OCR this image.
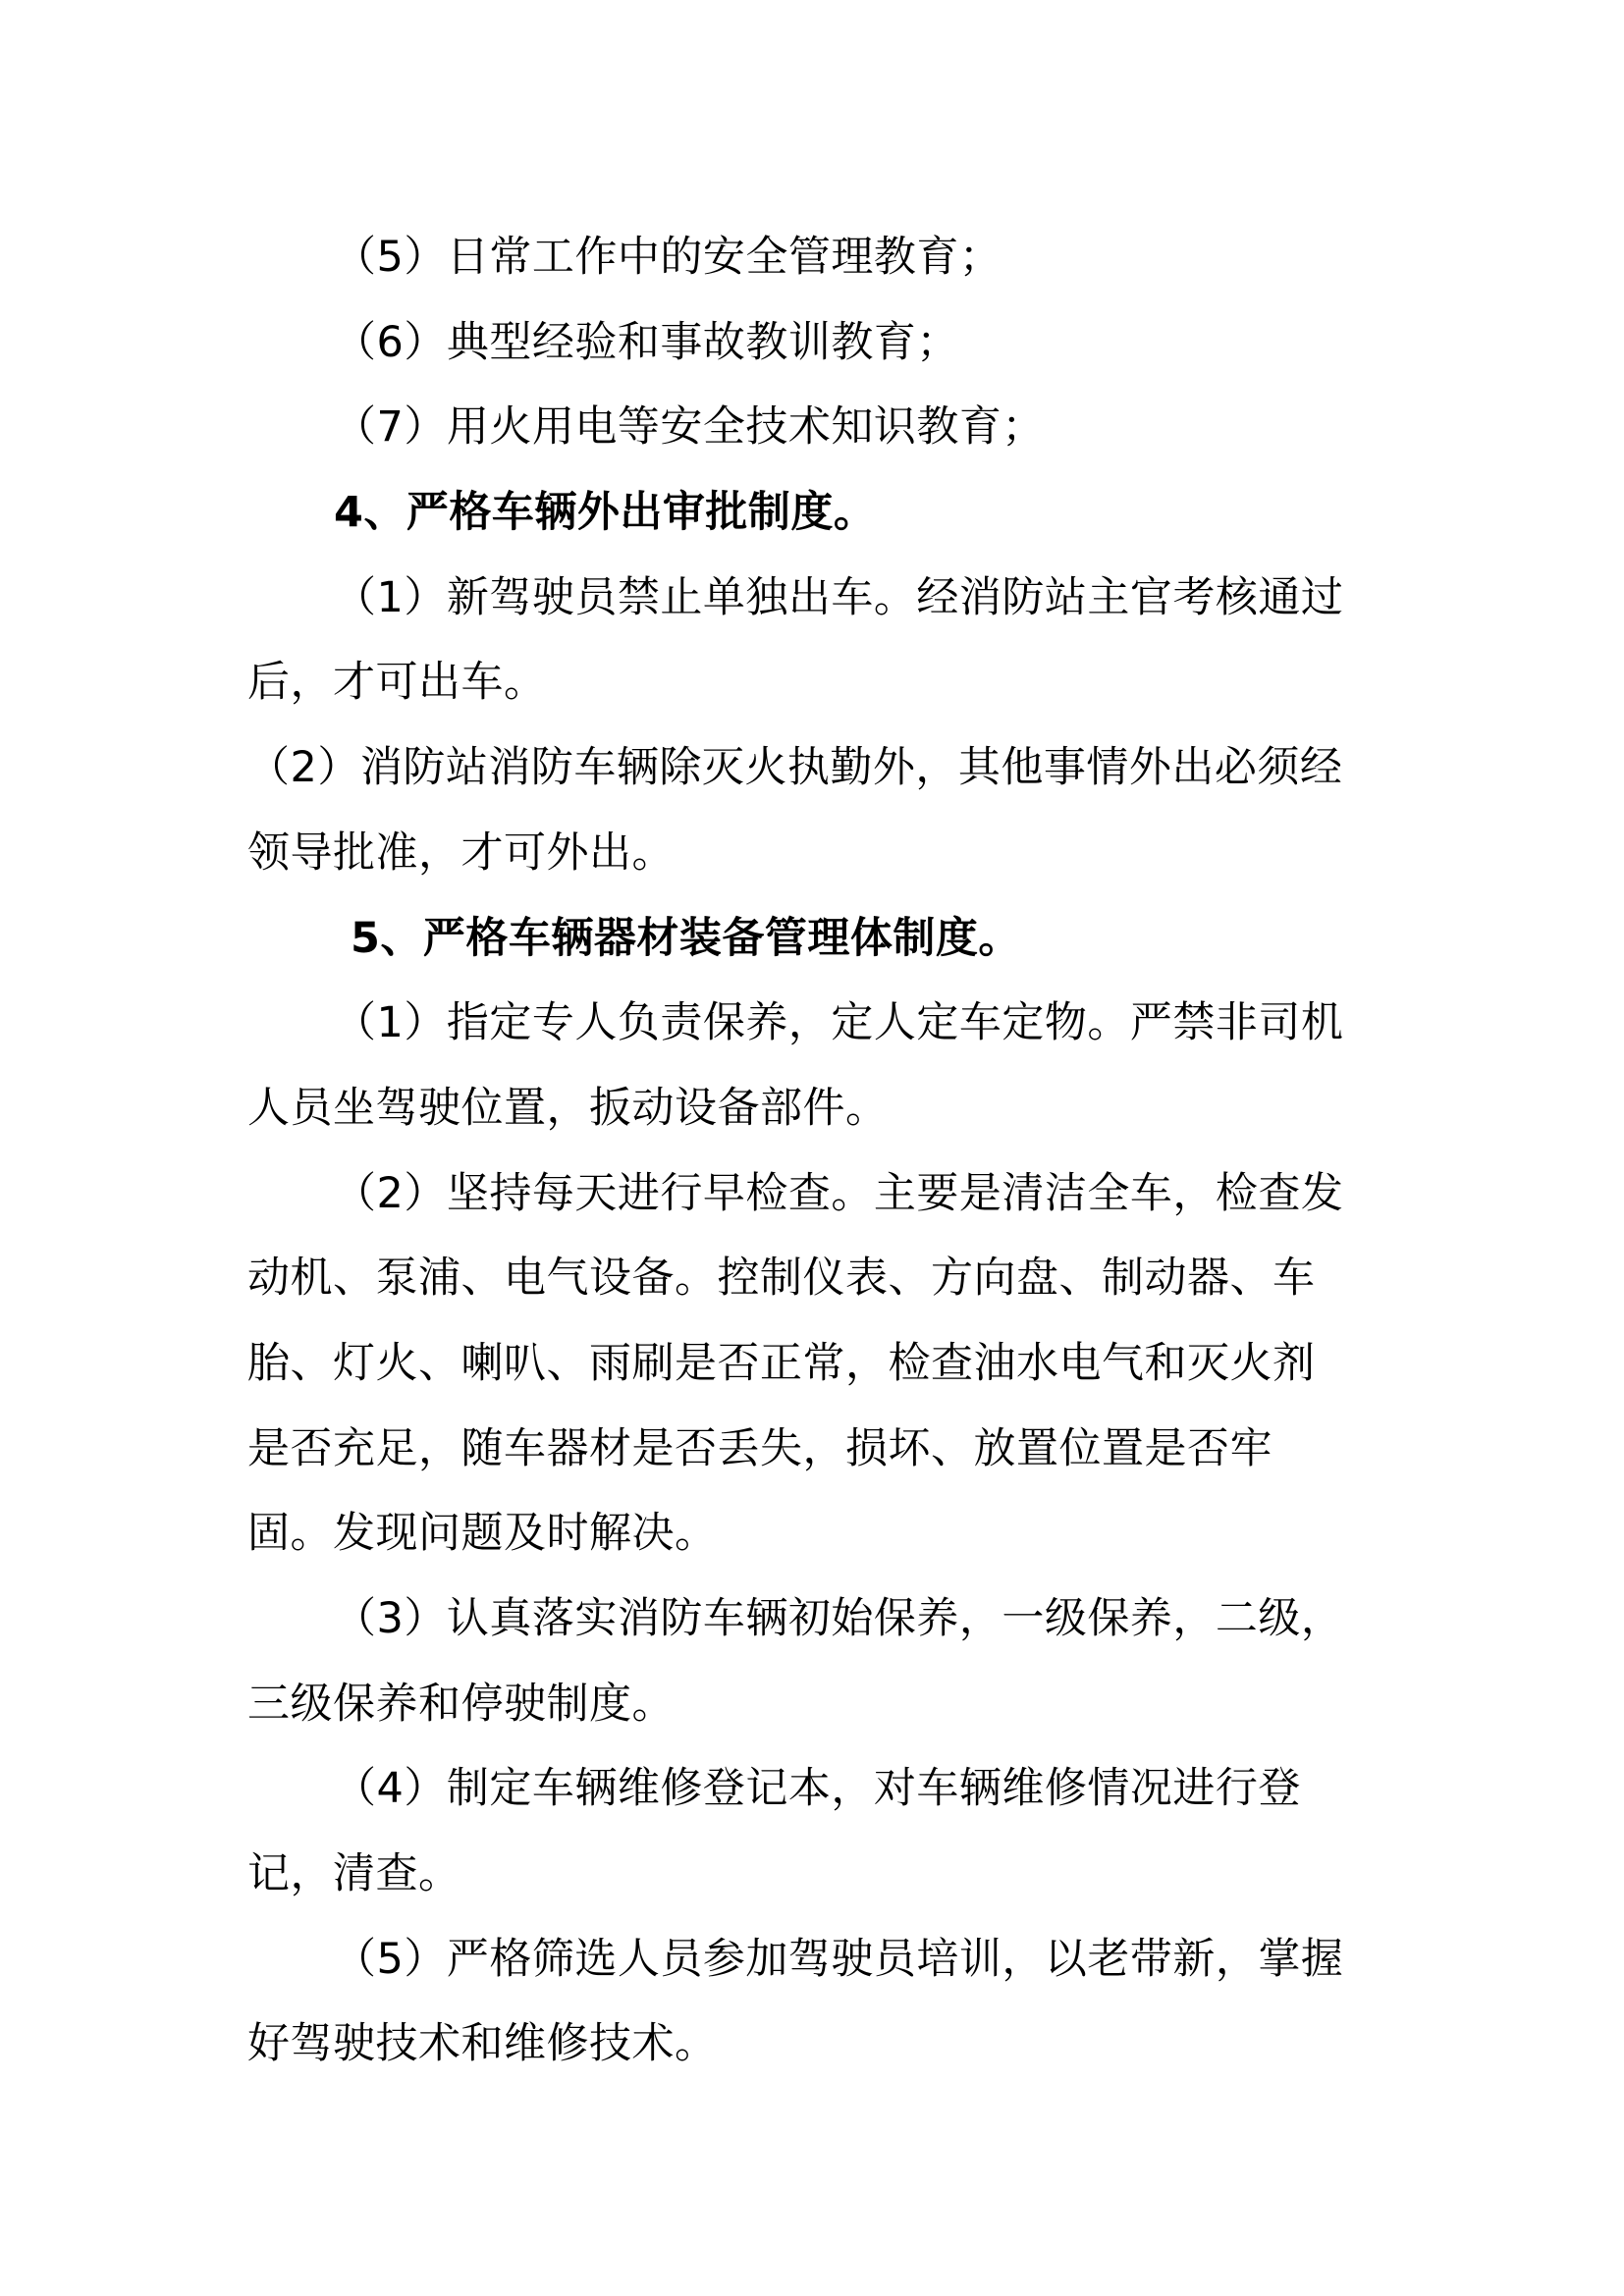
（5）日常工作中的安全管理教育；
（6）典型经验和事故教训教育；
（7）用火用电等安全技术知识教育；
4、严格车辆外出审批制度。
（1）新驾驶员禁止单独出车。经消防站主官考核通过
后，才可出车。
（2）消防站消防车辆除灭火执勤外，其他事情外出必须经
领导批准，才可外出。
5、严格车辆器材装备管理体制度。
（1）指定专人负责保养，定人定车定物。严禁非司机
人员坐驾驶位置，扳动设备部件。
（2）坚持每天进行早检查。主要是清洁全车，检查发
动机、泵浦、电气设备。控制仪表、方向盘、制动器、车
胎、灯火、喇叭、雨刷是否正常，检查油水电气和灭火剂
是否充足，随车器材是否丢失，损坏、放置位置是否牢
固。发现问题及时解决。
（3）认真落实消防车辆初始保养，一级保养，二级，
三级保养和停驶制度。
（4）制定车辆维修登记本，对车辆维修情况进行登
记，清查。
（5）严格筛选人员参加驾驶员培训，以老带新，掌握
好驾驶技术和维修技术。
